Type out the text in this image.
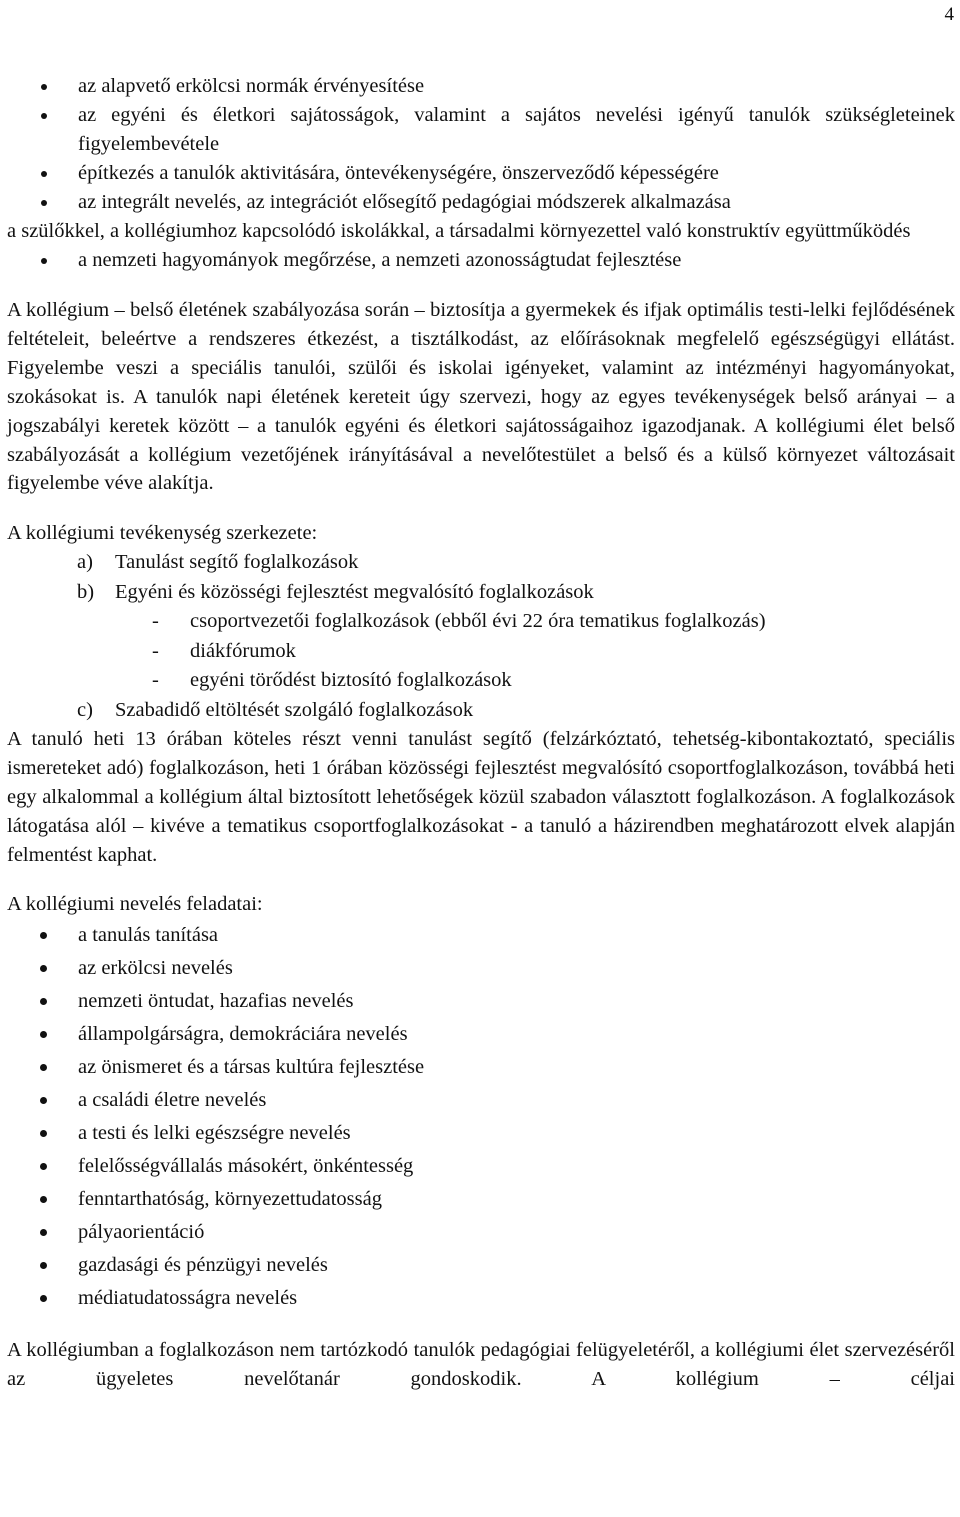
4
az alapvető erkölcsi normák érvényesítése
az egyéni és életkori sajátosságok, valamint a sajátos nevelési igényű tanulók szükségleteinek figyelembevétele
építkezés a tanulók aktivitására, öntevékenységére, önszerveződő képességére
az integrált nevelés, az integrációt elősegítő pedagógiai módszerek alkalmazása
a szülőkkel, a kollégiumhoz kapcsolódó iskolákkal, a társadalmi környezettel való konstruktív együttműködés
a nemzeti hagyományok megőrzése, a nemzeti azonosságtudat fejlesztése

A kollégium – belső életének szabályozása során – biztosítja a gyermekek és ifjak optimális testi-lelki fejlődésének feltételeit, beleértve a rendszeres étkezést, a tisztálkodást, az előírásoknak megfelelő egészségügyi ellátást. Figyelembe veszi a speciális tanulói, szülői és iskolai igényeket, valamint az intézményi hagyományokat, szokásokat is. A tanulók napi életének kereteit úgy szervezi, hogy az egyes tevékenységek belső arányai – a jogszabályi keretek között – a tanulók egyéni és életkori sajátosságaihoz igazodjanak. A kollégiumi élet belső szabályozását a kollégium vezetőjének irányításával a nevelőtestület a belső és a külső környezet változásait figyelembe véve alakítja.

A kollégiumi tevékenység szerkezete:
a) Tanulást segítő foglalkozások
b) Egyéni és közösségi fejlesztést megvalósító foglalkozások
- csoportvezetői foglalkozások (ebből évi 22 óra tematikus foglalkozás)
- diákfórumok
- egyéni törődést biztosító foglalkozások
c) Szabadidő eltöltését szolgáló foglalkozások

A tanuló heti 13 órában köteles részt venni tanulást segítő (felzárkóztató, tehetség-kibontakoztató, speciális ismereteket adó) foglalkozáson, heti 1 órában közösségi fejlesztést megvalósító csoportfoglalkozáson, továbbá heti egy alkalommal a kollégium által biztosított lehetőségek közül szabadon választott foglalkozáson. A foglalkozások látogatása alól – kivéve a tematikus csoportfoglalkozásokat - a tanuló a házirendben meghatározott elvek alapján felmentést kaphat.

A kollégiumi nevelés feladatai:
a tanulás tanítása
az erkölcsi nevelés
nemzeti öntudat, hazafias nevelés
állampolgárságra, demokráciára nevelés
az önismeret és a társas kultúra fejlesztése
a családi életre nevelés
a testi és lelki egészségre nevelés
felelősségvállalás másokért, önkéntesség
fenntarthatóság, környezettudatosság
pályaorientáció
gazdasági és pénzügyi nevelés
médiatudatosságra nevelés

A kollégiumban a foglalkozáson nem tartózkodó tanulók pedagógiai felügyeletéről, a kollégiumi élet szervezéséről az ügyeletes nevelőtanár gondoskodik. A kollégium – céljai
